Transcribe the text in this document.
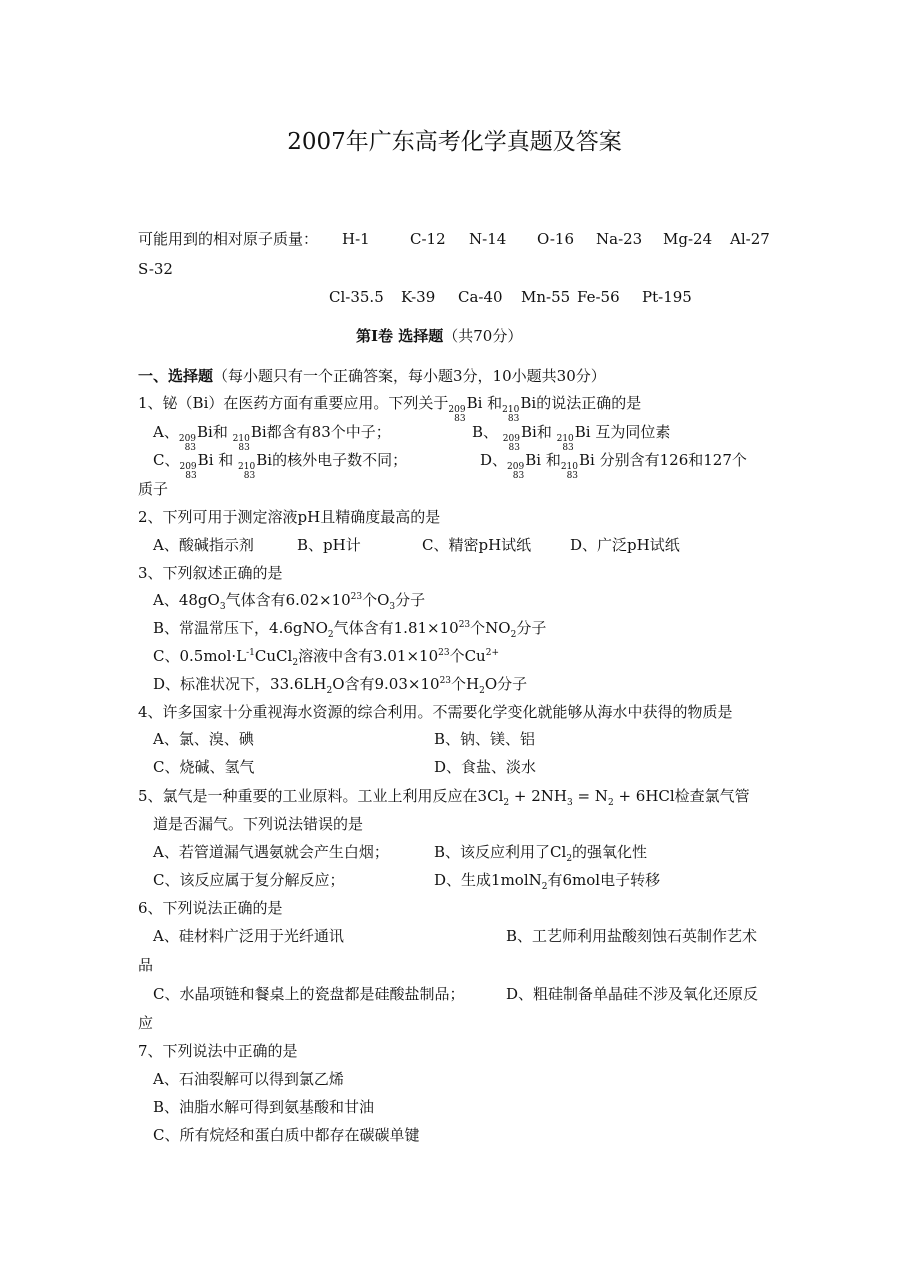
2007年广东高考化学真题及答案
可能用到的相对原子质量： H-1	C-12 N-14 O-16 Na-23 Mg-24 Al-27
S-32
Cl-35.5 K-39 Ca-40 Mn-55 Fe-56 Pt-195
第Ⅰ卷 选择题（共70分）
一、选择题（每小题只有一个正确答案，每小题3分，10小题共30分）
1、铋（Bi）在医药方面有重要应用。下列关于 209
83
Bi 和 210
83
Bi的说法正确的是
A、 209
83
Bi和 210
83
Bi都含有83个中子；	B、 209
83
Bi和 210
83
Bi 互为同位素
C、 209
83
Bi 和 210
83
Bi的核外电子数不同；	D、 209
83
Bi 和 210
83
Bi 分别含有126和127个
质子
2、下列可用于测定溶液pH且精确度最高的是
A、酸碱指示剂	B、pH计	C、精密pH试纸	D、广泛pH试纸
3、下列叙述正确的是
A、$48gO_3$气体含有$6.02\times 10^{23}$个$O_3$分子
B、常温常压下，4.6gNO$_2$气体含有$1.81\times 10^{23}$个$NO_2$分子
C、$0.5mol\cdot L^{-1}CuCl_2$溶液中含有$3.01\times 10^{23}$个$Cu^{2+}$
D、标准状况下，$33.6LH_2O$含有$9.03\times 10^{23}$个$H_2O$分子
4、许多国家十分重视海水资源的综合利用。不需要化学变化就能够从海水中获得的物质是
A、氯、溴、碘	B、钠、镁、铝
C、烧碱、氢气	D、食盐、淡水
5、氯气是一种重要的工业原料。工业上利用反应在$3Cl_2 + 2NH_3 = N_2 + 6HCl$检查氯气管
道是否漏气。下列说法错误的是
A、若管道漏气遇氨就会产生白烟；	B、该反应利用了$Cl_2$的强氧化性
C、该反应属于复分解反应；	D、生成1molN$_2$有6mol电子转移
6、下列说法正确的是
A、硅材料广泛用于光纤通讯	B、工艺师利用盐酸刻蚀石英制作艺术
品
C、水晶项链和餐桌上的瓷盘都是硅酸盐制品；	D、粗硅制备单晶硅不涉及氧化还原反
应
7、下列说法中正确的是
A、石油裂解可以得到氯乙烯
B、油脂水解可得到氨基酸和甘油
C、所有烷烃和蛋白质中都存在碳碳单键
